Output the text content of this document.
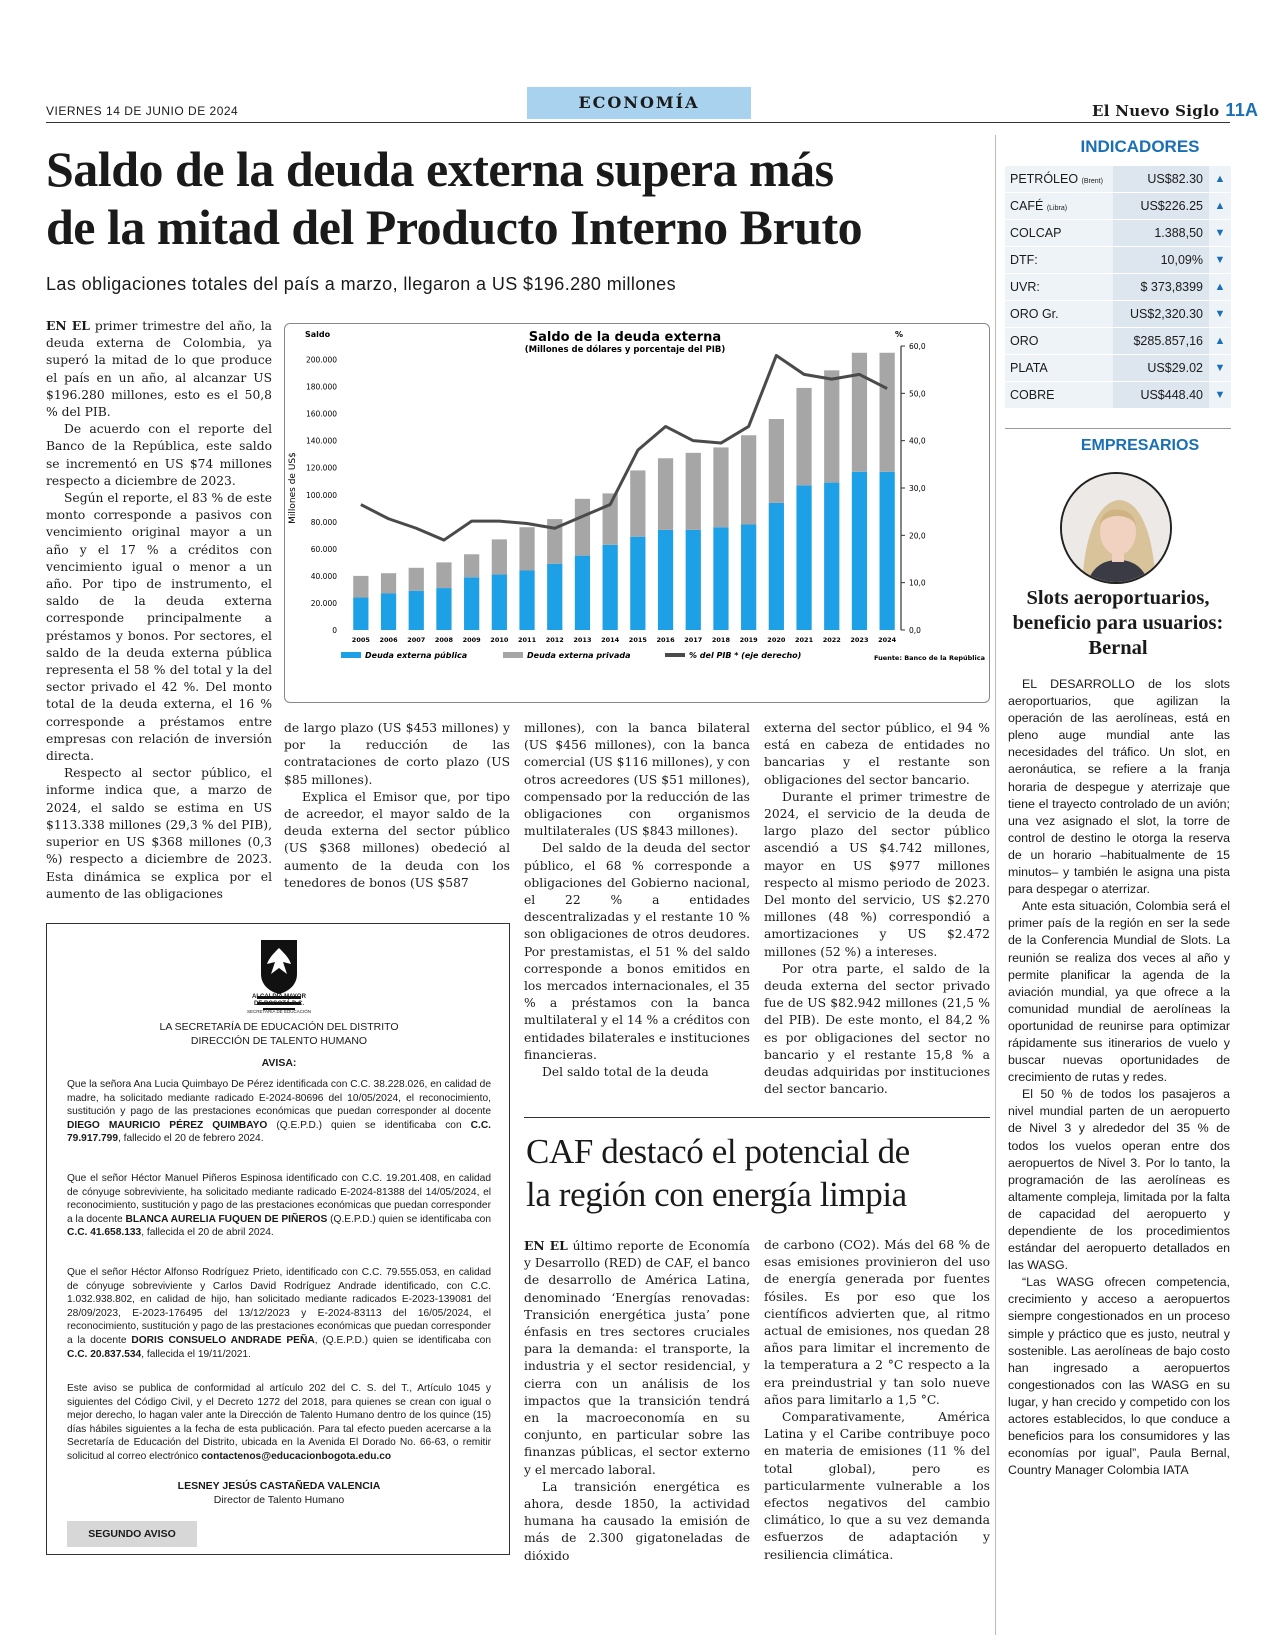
VIERNES 14 DE JUNIO DE 2024	ECONOMÍA	El Nuevo Siglo 11A
Saldo de la deuda externa supera más
de la mitad del Producto Interno Bruto
Las obligaciones totales del país a marzo, llegaron a US $196.280 millones

EN EL primer trimestre del año, la deuda externa de Colombia, ya superó la mitad de lo que produce el país en un año, al alcanzar US $196.280 millones, esto es el 50,8 % del PIB.

De acuerdo con el reporte del Banco de la República, este saldo se incrementó en US $74 millones respecto a diciembre de 2023.

Según el reporte, el 83 % de este monto corresponde a pasivos con vencimiento original mayor a un año y el 17 % a créditos con vencimiento igual o menor a un año. Por tipo de instrumento, el saldo de la deuda externa corresponde principalmente a préstamos y bonos. Por sectores, el saldo de la deuda externa pública representa el 58 % del total y la del sector privado el 42 %. Del monto total de la deuda externa, el 16 % corresponde a préstamos entre empresas con relación de inversión directa.

Respecto al sector público, el informe indica que, a marzo de 2024, el saldo se estima en US $113.338 millones (29,3 % del PIB), superior en US $368 millones (0,3 %) respecto a diciembre de 2023. Esta dinámica se explica por el aumento de las obligaciones

Saldo de la deuda externa
(Millones de dólares y porcentaje del PIB)
Saldo	%
Millones de US$
0
20.000
40.000
60.000
80.000
100.000
120.000
140.000
160.000
180.000
200.000
0,0
10,0
20,0
30,0
40,0
50,0
60,0
2005 2006 2007 2008 2009 2010 2011 2012 2013 2014 2015 2016 2017 2018 2019 2020 2021 2022 2023 2024
Deuda externa pública	Deuda externa privada	% del PIB * (eje derecho)	Fuente: Banco de la República

de largo plazo (US $453 millones) y por la reducción de las contrataciones de corto plazo (US $85 millones).

Explica el Emisor que, por tipo de acreedor, el mayor saldo de la deuda externa del sector público (US $368 millones) obedeció al aumento de la deuda con los tenedores de bonos (US $587

millones), con la banca bilateral (US $456 millones), con la banca comercial (US $116 millones), y con otros acreedores (US $51 millones), compensado por la reducción de las obligaciones con organismos multilaterales (US $843 millones).

Del saldo de la deuda del sector público, el 68 % corresponde a obligaciones del Gobierno nacional, el 22 % a entidades descentralizadas y el restante 10 % son obligaciones de otros deudores. Por prestamistas, el 51 % del saldo corresponde a bonos emitidos en los mercados internacionales, el 35 % a préstamos con la banca multilateral y el 14 % a créditos con entidades bilaterales e instituciones financieras.

Del saldo total de la deuda

externa del sector público, el 94 % está en cabeza de entidades no bancarias y el restante son obligaciones del sector bancario.

Durante el primer trimestre de 2024, el servicio de la deuda de largo plazo del sector público ascendió a US $4.742 millones, mayor en US $977 millones respecto al mismo periodo de 2023. Del monto del servicio, US $2.270 millones (48 %) correspondió a amortizaciones y US $2.472 millones (52 %) a intereses.

Por otra parte, el saldo de la deuda externa del sector privado fue de US $82.942 millones (21,5 % del PIB). De este monto, el 84,2 % es por obligaciones del sector no bancario y el restante 15,8 % a deudas adquiridas por instituciones del sector bancario.

INDICADORES
PETRÓLEO (Brent)	US$82.30	▲
CAFÉ (Libra)	US$226.25	▲
COLCAP	1.388,50	▼
DTF:	10,09%	▼
UVR:	$ 373,8399	▲
ORO Gr.	US$2,320.30	▼
ORO	$285.857,16	▲
PLATA	US$29.02	▼
COBRE	US$448.40	▼
EMPRESARIOS
Slots aeroportuarios, beneficio para usuarios: Bernal

EL DESARROLLO de los slots aeroportuarios, que agilizan la operación de las aerolíneas, está en pleno auge mundial ante las necesidades del tráfico. Un slot, en aeronáutica, se refiere a la franja horaria de despegue y aterrizaje que tiene el trayecto controlado de un avión; una vez asignado el slot, la torre de control de destino le otorga la reserva de un horario –habitualmente de 15 minutos– y también le asigna una pista para despegar o aterrizar.

Ante esta situación, Colombia será el primer país de la región en ser la sede de la Conferencia Mundial de Slots. La reunión se realiza dos veces al año y permite planificar la agenda de la aviación mundial, ya que ofrece a la comunidad mundial de aerolíneas la oportunidad de reunirse para optimizar rápidamente sus itinerarios de vuelo y buscar nuevas oportunidades de crecimiento de rutas y redes.

El 50 % de todos los pasajeros a nivel mundial parten de un aeropuerto de Nivel 3 y alrededor del 35 % de todos los vuelos operan entre dos aeropuertos de Nivel 3. Por lo tanto, la programación de las aerolíneas es altamente compleja, limitada por la falta de capacidad del aeropuerto y dependiente de los procedimientos estándar del aeropuerto detallados en las WASG.

“Las WASG ofrecen competencia, crecimiento y acceso a aeropuertos siempre congestionados en un proceso simple y práctico que es justo, neutral y sostenible. Las aerolíneas de bajo costo han ingresado a aeropuertos congestionados con las WASG en su lugar, y han crecido y competido con los actores establecidos, lo que conduce a beneficios para los consumidores y las economías por igual”, Paula Bernal, Country Manager Colombia IATA

ALCALDÍA MAYOR
DE BOGOTÁ D.C.
SECRETARÍA DE EDUCACIÓN
LA SECRETARÍA DE EDUCACIÓN DEL DISTRITO
DIRECCIÓN DE TALENTO HUMANO
AVISA:
Que la señora Ana Lucia Quimbayo De Pérez identificada con C.C. 38.228.026, en calidad de madre, ha solicitado mediante radicado E-2024-80696 del 10/05/2024, el reconocimiento, sustitución y pago de las prestaciones económicas que puedan corresponder al docente DIEGO MAURICIO PÉREZ QUIMBAYO (Q.E.P.D.) quien se identificaba con C.C. 79.917.799, fallecido el 20 de febrero 2024.
Que el señor Héctor Manuel Piñeros Espinosa identificado con C.C. 19.201.408, en calidad de cónyuge sobreviviente, ha solicitado mediante radicado E-2024-81388 del 14/05/2024, el reconocimiento, sustitución y pago de las prestaciones económicas que puedan corresponder a la docente BLANCA AURELIA FUQUEN DE PIÑEROS (Q.E.P.D.) quien se identificaba con C.C. 41.658.133, fallecida el 20 de abril 2024.
Que el señor Héctor Alfonso Rodríguez Prieto, identificado con C.C. 79.555.053, en calidad de cónyuge sobreviviente y Carlos David Rodríguez Andrade identificado, con C.C. 1.032.938.802, en calidad de hijo, han solicitado mediante radicados E-2023-139081 del 28/09/2023, E-2023-176495 del 13/12/2023 y E-2024-83113 del 16/05/2024, el reconocimiento, sustitución y pago de las prestaciones económicas que puedan corresponder a la docente DORIS CONSUELO ANDRADE PEÑA, (Q.E.P.D.) quien se identificaba con C.C. 20.837.534, fallecida el 19/11/2021.
Este aviso se publica de conformidad al artículo 202 del C. S. del T., Artículo 1045 y siguientes del Código Civil, y el Decreto 1272 del 2018, para quienes se crean con igual o mejor derecho, lo hagan valer ante la Dirección de Talento Humano dentro de los quince (15) días hábiles siguientes a la fecha de esta publicación. Para tal efecto pueden acercarse a la Secretaría de Educación del Distrito, ubicada en la Avenida El Dorado No. 66-63, o remitir solicitud al correo electrónico contactenos@educacionbogota.edu.co
LESNEY JESÚS CASTAÑEDA VALENCIA
Director de Talento Humano
SEGUNDO AVISO
CAF destacó el potencial de
la región con energía limpia

EN EL último reporte de Economía y Desarrollo (RED) de CAF, el banco de desarrollo de América Latina, denominado ‘Energías renovadas: Transición energética justa’ pone énfasis en tres sectores cruciales para la demanda: el transporte, la industria y el sector residencial, y cierra con un análisis de los impactos que la transición tendrá en la macroeconomía en su conjunto, en particular sobre las finanzas públicas, el sector externo y el mercado laboral.

La transición energética es ahora, desde 1850, la actividad humana ha causado la emisión de más de 2.300 gigatoneladas de dióxido

de carbono (CO2). Más del 68 % de esas emisiones provinieron del uso de energía generada por fuentes fósiles. Es por eso que los científicos advierten que, al ritmo actual de emisiones, nos quedan 28 años para limitar el incremento de la temperatura a 2 °C respecto a la era preindustrial y tan solo nueve años para limitarlo a 1,5 °C.

Comparativamente, América Latina y el Caribe contribuye poco en materia de emisiones (11 % del total global), pero es particularmente vulnerable a los efectos negativos del cambio climático, lo que a su vez demanda esfuerzos de adaptación y resiliencia climática.
